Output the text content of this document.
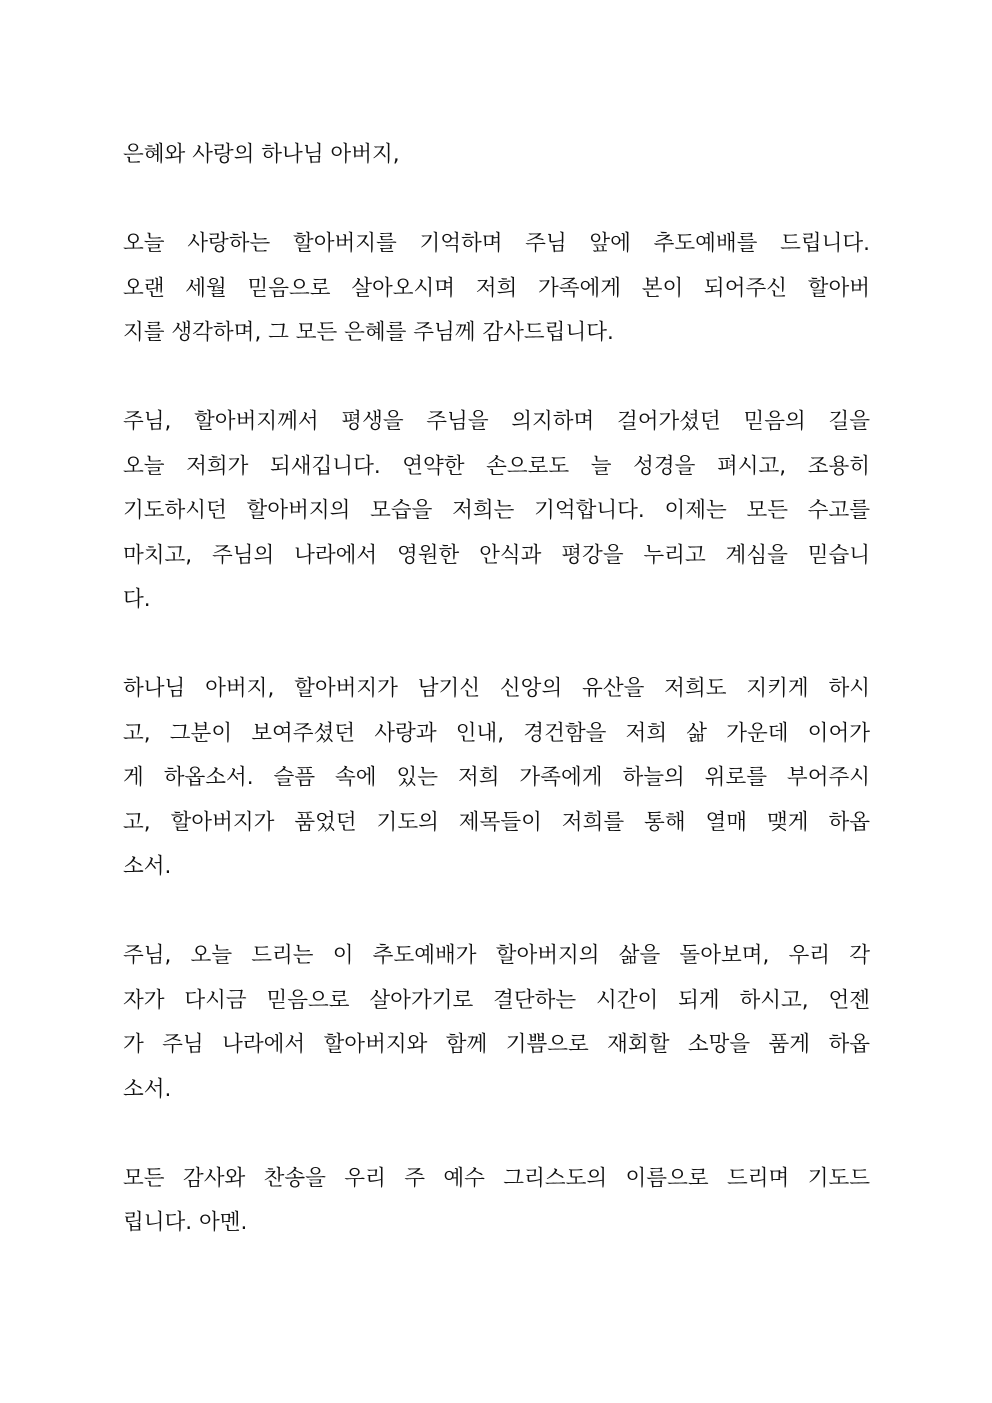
은혜와 사랑의 하나님 아버지,
오늘 사랑하는 할아버지를 기억하며 주님 앞에 추도예배를 드립니다.
오랜 세월 믿음으로 살아오시며 저희 가족에게 본이 되어주신 할아버
지를 생각하며, 그 모든 은혜를 주님께 감사드립니다.
주님, 할아버지께서 평생을 주님을 의지하며 걸어가셨던 믿음의 길을
오늘 저희가 되새깁니다. 연약한 손으로도 늘 성경을 펴시고, 조용히
기도하시던 할아버지의 모습을 저희는 기억합니다. 이제는 모든 수고를
마치고, 주님의 나라에서 영원한 안식과 평강을 누리고 계심을 믿습니
다.
하나님 아버지, 할아버지가 남기신 신앙의 유산을 저희도 지키게 하시
고, 그분이 보여주셨던 사랑과 인내, 경건함을 저희 삶 가운데 이어가
게 하옵소서. 슬픔 속에 있는 저희 가족에게 하늘의 위로를 부어주시
고, 할아버지가 품었던 기도의 제목들이 저희를 통해 열매 맺게 하옵
소서.
주님, 오늘 드리는 이 추도예배가 할아버지의 삶을 돌아보며, 우리 각
자가 다시금 믿음으로 살아가기로 결단하는 시간이 되게 하시고, 언젠
가 주님 나라에서 할아버지와 함께 기쁨으로 재회할 소망을 품게 하옵
소서.
모든 감사와 찬송을 우리 주 예수 그리스도의 이름으로 드리며 기도드
립니다. 아멘.
